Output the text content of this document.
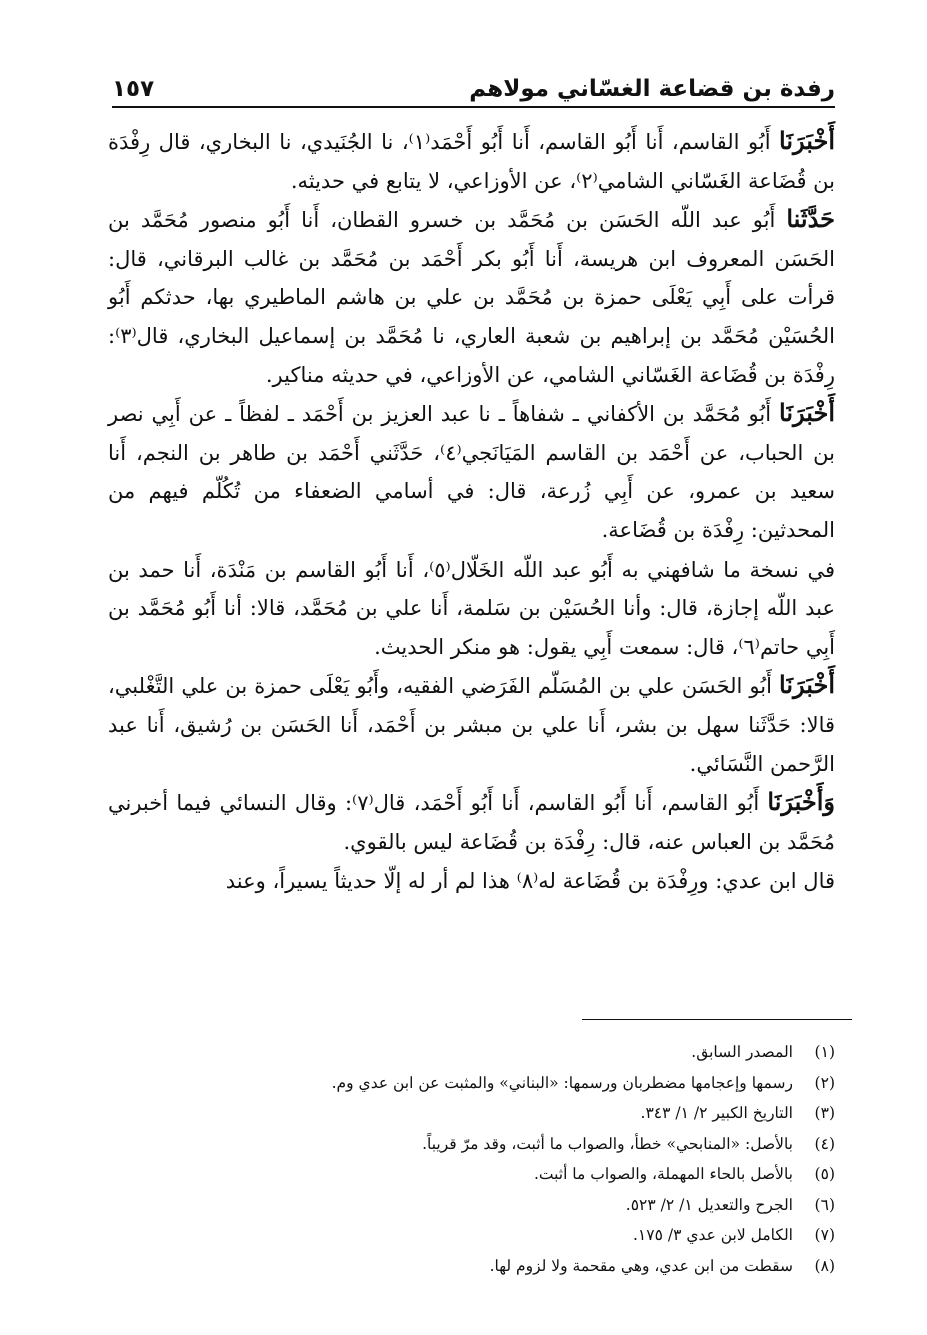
رفدة بن قضاعة الغسّاني مولاهم
١٥٧

أَخْبَرَنَا أَبُو القاسم، أَنا أَبُو القاسم، أَنا أَبُو أَحْمَد⁽١⁾، نا الجُنَيدي، نا البخاري، قال رِفْدَة بن قُضَاعة الغَسّاني الشامي⁽٢⁾، عن الأوزاعي، لا يتابع في حديثه.

حَدَّثَنا أَبُو عبد اللّه الحَسَن بن مُحَمَّد بن خسرو القطان، أَنا أَبُو منصور مُحَمَّد بن الحَسَن المعروف ابن هريسة، أَنا أَبُو بكر أَحْمَد بن مُحَمَّد بن غالب البرقاني، قال: قرأت على أَبِي يَعْلَى حمزة بن مُحَمَّد بن علي بن هاشم الماطيري بها، حدثكم أَبُو الحُسَيْن مُحَمَّد بن إبراهيم بن شعبة العاري، نا مُحَمَّد بن إسماعيل البخاري، قال⁽٣⁾: رِفْدَة بن قُضَاعة الغَسّاني الشامي، عن الأوزاعي، في حديثه مناكير.

أَخْبَرَنَا أَبُو مُحَمَّد بن الأكفاني ـ شفاهاً ـ نا عبد العزيز بن أَحْمَد ـ لفظاً ـ عن أَبِي نصر بن الحباب، عن أَحْمَد بن القاسم المَيَانَجي⁽٤⁾، حَدَّثَني أَحْمَد بن طاهر بن النجم، أَنا سعيد بن عمرو، عن أَبِي زُرعة، قال: في أسامي الضعفاء من تُكُلّم فيهم من المحدثين: رِفْدَة بن قُضَاعة.

في نسخة ما شافهني به أَبُو عبد اللّه الخَلّال⁽٥⁾، أَنا أَبُو القاسم بن مَنْدَة، أَنا حمد بن عبد اللّه إجازة، قال: وأنا الحُسَيْن بن سَلمة، أَنا علي بن مُحَمَّد، قالا: أنا أَبُو مُحَمَّد بن أَبِي حاتم⁽٦⁾، قال: سمعت أَبِي يقول: هو منكر الحديث.

أَخْبَرَنَا أَبُو الحَسَن علي بن المُسَلّم الفَرَضي الفقيه، وأَبُو يَعْلَى حمزة بن علي التَّغْلبي، قالا: حَدَّثَنا سهل بن بشر، أَنا علي بن مبشر بن أَحْمَد، أَنا الحَسَن بن رُشيق، أَنا عبد الرَّحمن النَّسَائي.

وَأَخْبَرَنَا أَبُو القاسم، أَنا أَبُو القاسم، أَنا أَبُو أَحْمَد، قال⁽٧⁾: وقال النسائي فيما أخبرني مُحَمَّد بن العباس عنه، قال: رِفْدَة بن قُضَاعة ليس بالقوي.

قال ابن عدي: ورِفْدَة بن قُضَاعة له⁽٨⁾ هذا لم أر له إلّا حديثاً يسيراً، وعند

(١)
المصدر السابق.
(٢)
رسمها وإعجامها مضطربان ورسمها: «البناني» والمثبت عن ابن عدي وم.
(٣)
التاريخ الكبير ٢/ ١/ ٣٤٣.
(٤)
بالأصل: «المنابحي» خطأ، والصواب ما أثبت، وقد مرّ قريباً.
(٥)
بالأصل بالحاء المهملة، والصواب ما أثبت.
(٦)
الجرح والتعديل ١/ ٢/ ٥٢٣.
(٧)
الكامل لابن عدي ٣/ ١٧٥.
(٨)
سقطت من ابن عدي، وهي مقحمة ولا لزوم لها.
